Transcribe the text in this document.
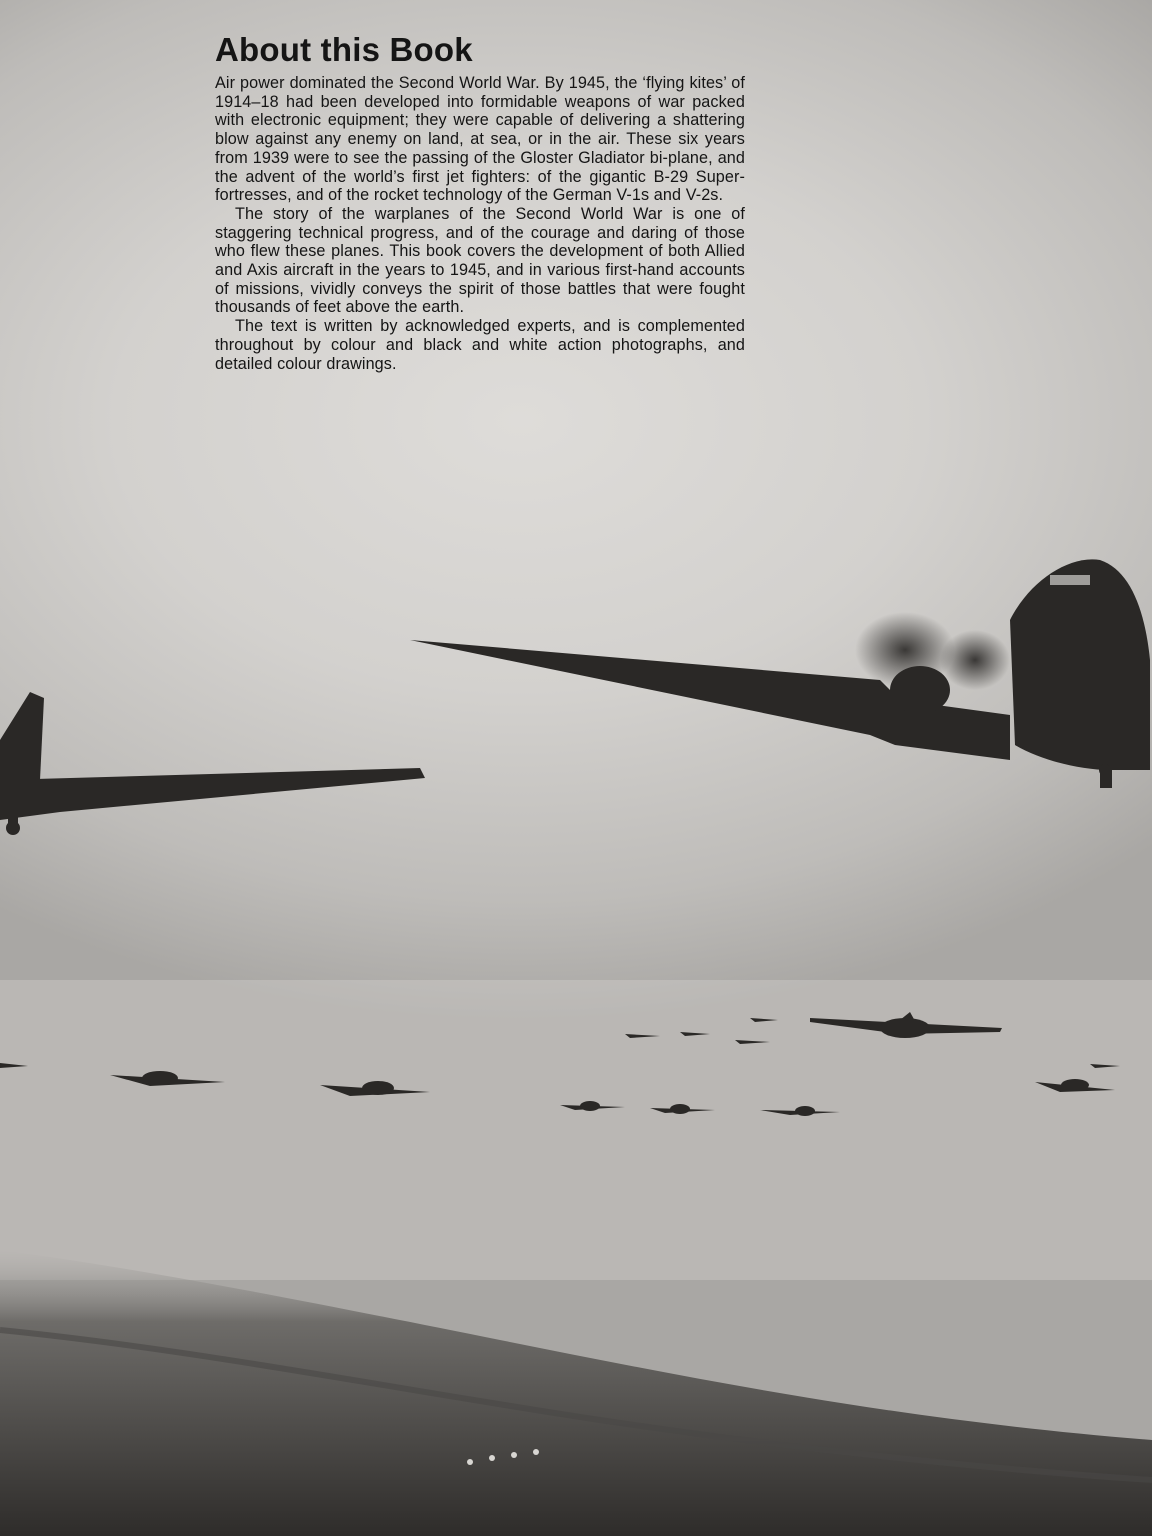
About this Book

Air power dominated the Second World War. By 1945, the ‘flying kites’ of 1914–18 had been developed into formidable weapons of war packed with electronic equipment; they were capable of delivering a shattering blow against any enemy on land, at sea, or in the air. These six years from 1939 were to see the passing of the Gloster Gladiator bi-plane, and the advent of the world’s first jet fighters: of the gigantic B-29 Super-fortresses, and of the rocket technology of the German V-1s and V-2s.

The story of the warplanes of the Second World War is one of staggering technical progress, and of the courage and daring of those who flew these planes. This book covers the development of both Allied and Axis aircraft in the years to 1945, and in various first-hand accounts of missions, vividly conveys the spirit of those battles that were fought thousands of feet above the earth.

The text is written by acknowledged experts, and is complemented throughout by colour and black and white action photographs, and detailed colour drawings.
